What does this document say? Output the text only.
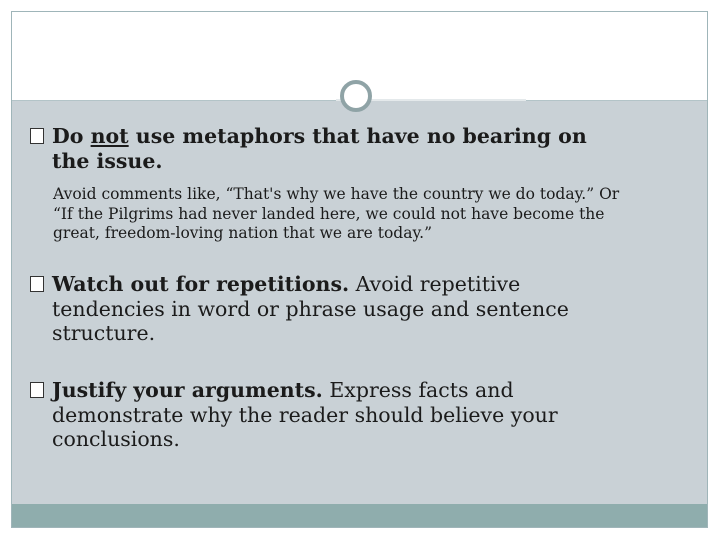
Do not use metaphors that have no bearing on
the issue.
Avoid comments like, “That's why we have the country we do today.” Or
“If the Pilgrims had never landed here, we could not have become the
great, freedom-loving nation that we are today.”
Watch out for repetitions. Avoid repetitive
tendencies in word or phrase usage and sentence
structure.
Justify your arguments. Express facts and
demonstrate why the reader should believe your
conclusions.
